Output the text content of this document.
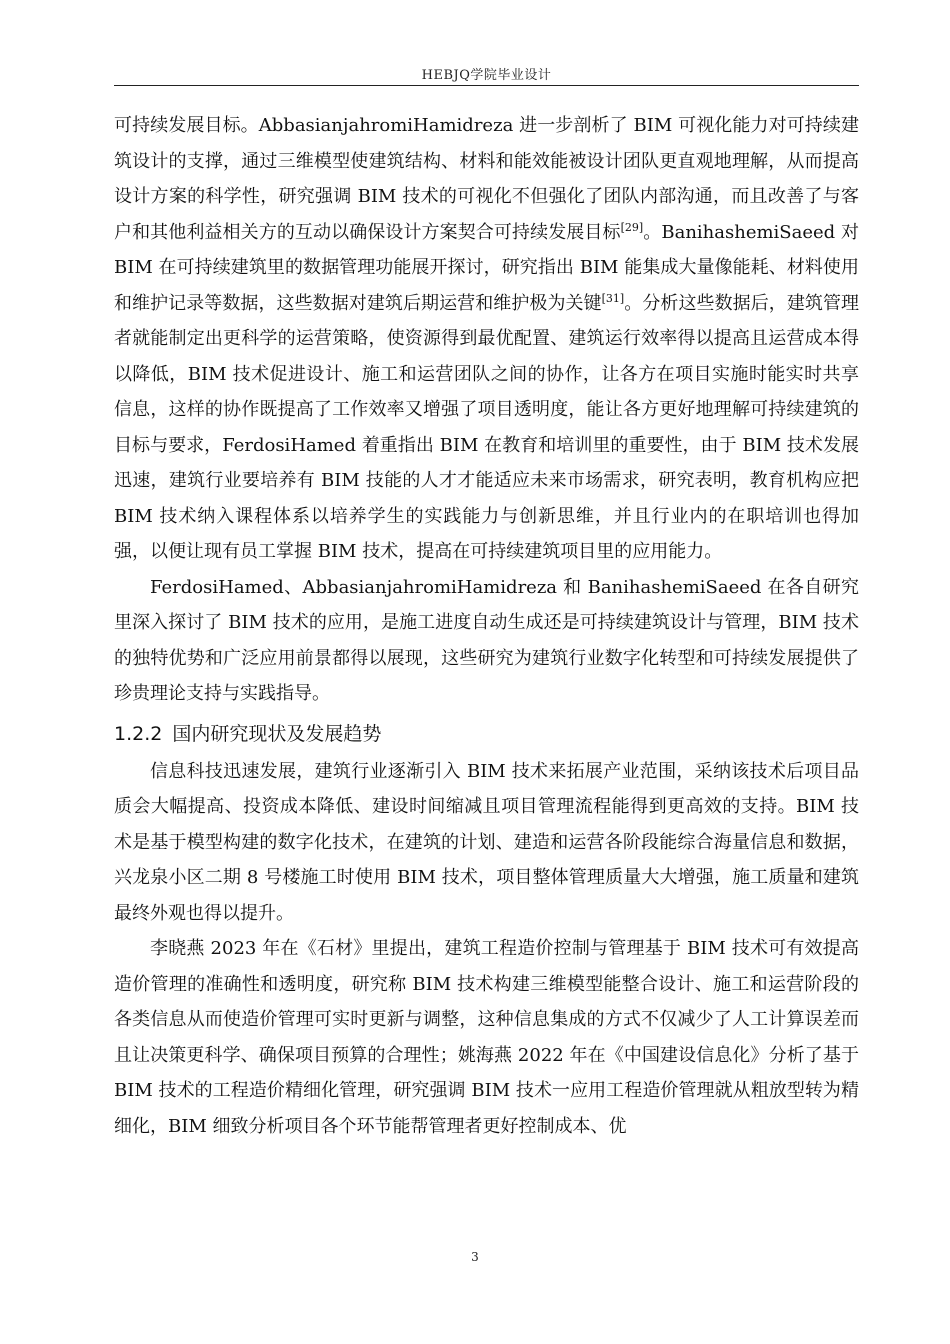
HEBJQ学院毕业设计

可持续发展目标。AbbasianjahromiHamidreza 进一步剖析了 BIM 可视化能力对可持续建筑设计的支撑，通过三维模型使建筑结构、材料和能效能被设计团队更直观地理解，从而提高设计方案的科学性，研究强调 BIM 技术的可视化不但强化了团队内部沟通，而且改善了与客户和其他利益相关方的互动以确保设计方案契合可持续发展目标[29]。BanihashemiSaeed 对 BIM 在可持续建筑里的数据管理功能展开探讨，研究指出 BIM 能集成大量像能耗、材料使用和维护记录等数据，这些数据对建筑后期运营和维护极为关键[31]。分析这些数据后，建筑管理者就能制定出更科学的运营策略，使资源得到最优配置、建筑运行效率得以提高且运营成本得以降低，BIM 技术促进设计、施工和运营团队之间的协作，让各方在项目实施时能实时共享信息，这样的协作既提高了工作效率又增强了项目透明度，能让各方更好地理解可持续建筑的目标与要求，FerdosiHamed 着重指出 BIM 在教育和培训里的重要性，由于 BIM 技术发展迅速，建筑行业要培养有 BIM 技能的人才才能适应未来市场需求，研究表明，教育机构应把 BIM 技术纳入课程体系以培养学生的实践能力与创新思维，并且行业内的在职培训也得加强，以便让现有员工掌握 BIM 技术，提高在可持续建筑项目里的应用能力。

FerdosiHamed、AbbasianjahromiHamidreza 和 BanihashemiSaeed 在各自研究里深入探讨了 BIM 技术的应用，是施工进度自动生成还是可持续建筑设计与管理，BIM 技术的独特优势和广泛应用前景都得以展现，这些研究为建筑行业数字化转型和可持续发展提供了珍贵理论支持与实践指导。

1.2.2 国内研究现状及发展趋势

信息科技迅速发展，建筑行业逐渐引入 BIM 技术来拓展产业范围，采纳该技术后项目品质会大幅提高、投资成本降低、建设时间缩减且项目管理流程能得到更高效的支持。BIM 技术是基于模型构建的数字化技术，在建筑的计划、建造和运营各阶段能综合海量信息和数据，兴龙泉小区二期 8 号楼施工时使用 BIM 技术，项目整体管理质量大大增强，施工质量和建筑最终外观也得以提升。

李晓燕 2023 年在《石材》里提出，建筑工程造价控制与管理基于 BIM 技术可有效提高造价管理的准确性和透明度，研究称 BIM 技术构建三维模型能整合设计、施工和运营阶段的各类信息从而使造价管理可实时更新与调整，这种信息集成的方式不仅减少了人工计算误差而且让决策更科学、确保项目预算的合理性；姚海燕 2022 年在《中国建设信息化》分析了基于 BIM 技术的工程造价精细化管理，研究强调 BIM 技术一应用工程造价管理就从粗放型转为精细化，BIM 细致分析项目各个环节能帮管理者更好控制成本、优

3
